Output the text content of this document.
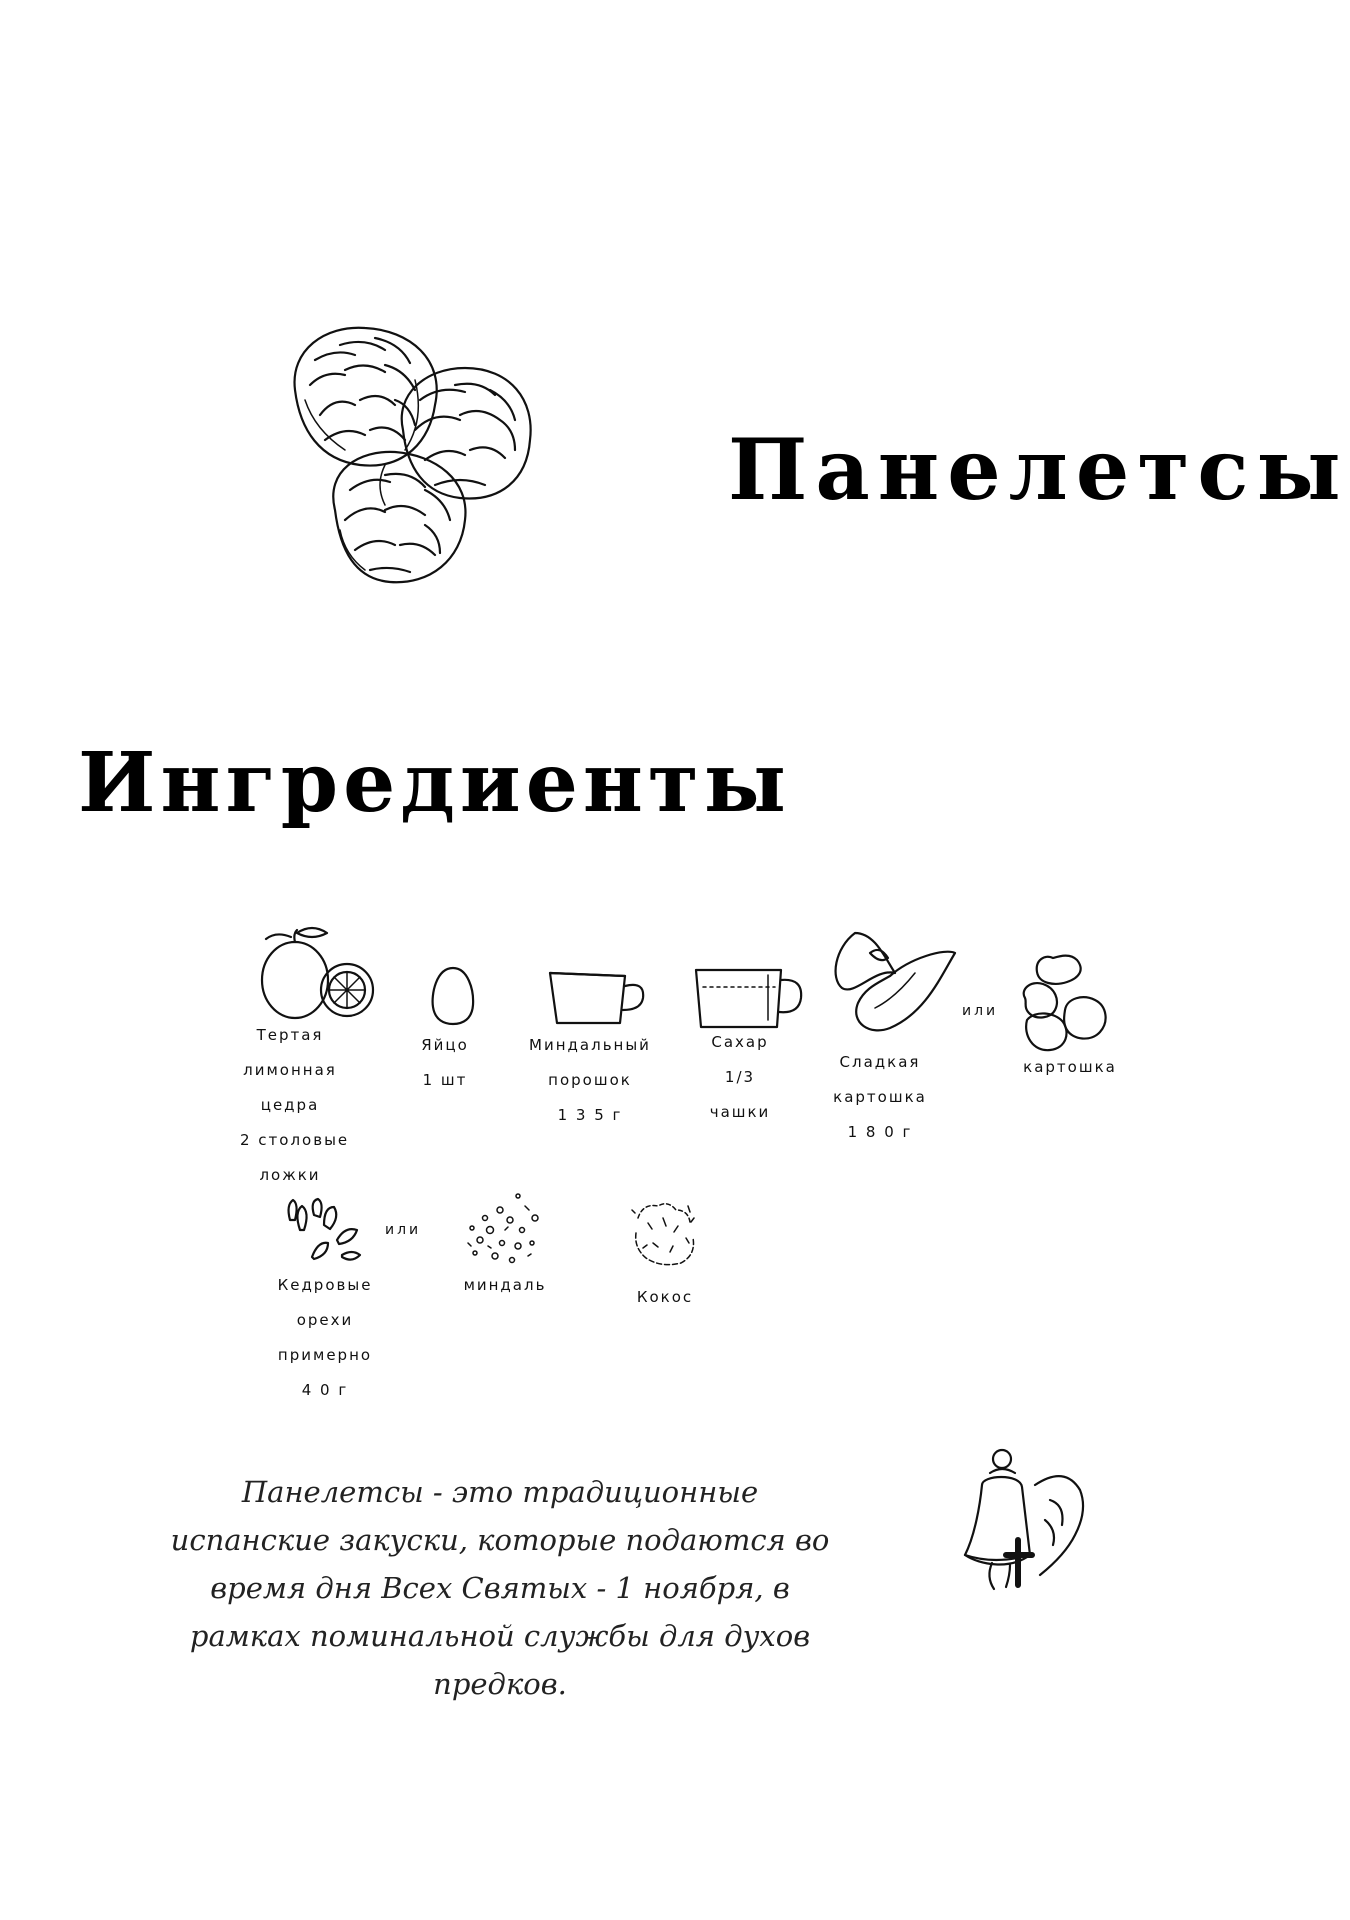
Панелетсы
Ингредиенты
или
Тертая
лимонная
цедра
2 столовые
ложки
Яйцо
1 шт
Миндальный
порошок
1 3 5 г
Сахар
1/3
чашки
Сладкая
картошка
1 8 0 г
картошка
или
Кедровые
орехи
примерно
4 0 г
миндаль
Кокос
Панелетсы - это традиционные испанские закуски, которые подаются во время дня Всех Святых - 1 ноября, в рамках поминальной службы для духов предков.
